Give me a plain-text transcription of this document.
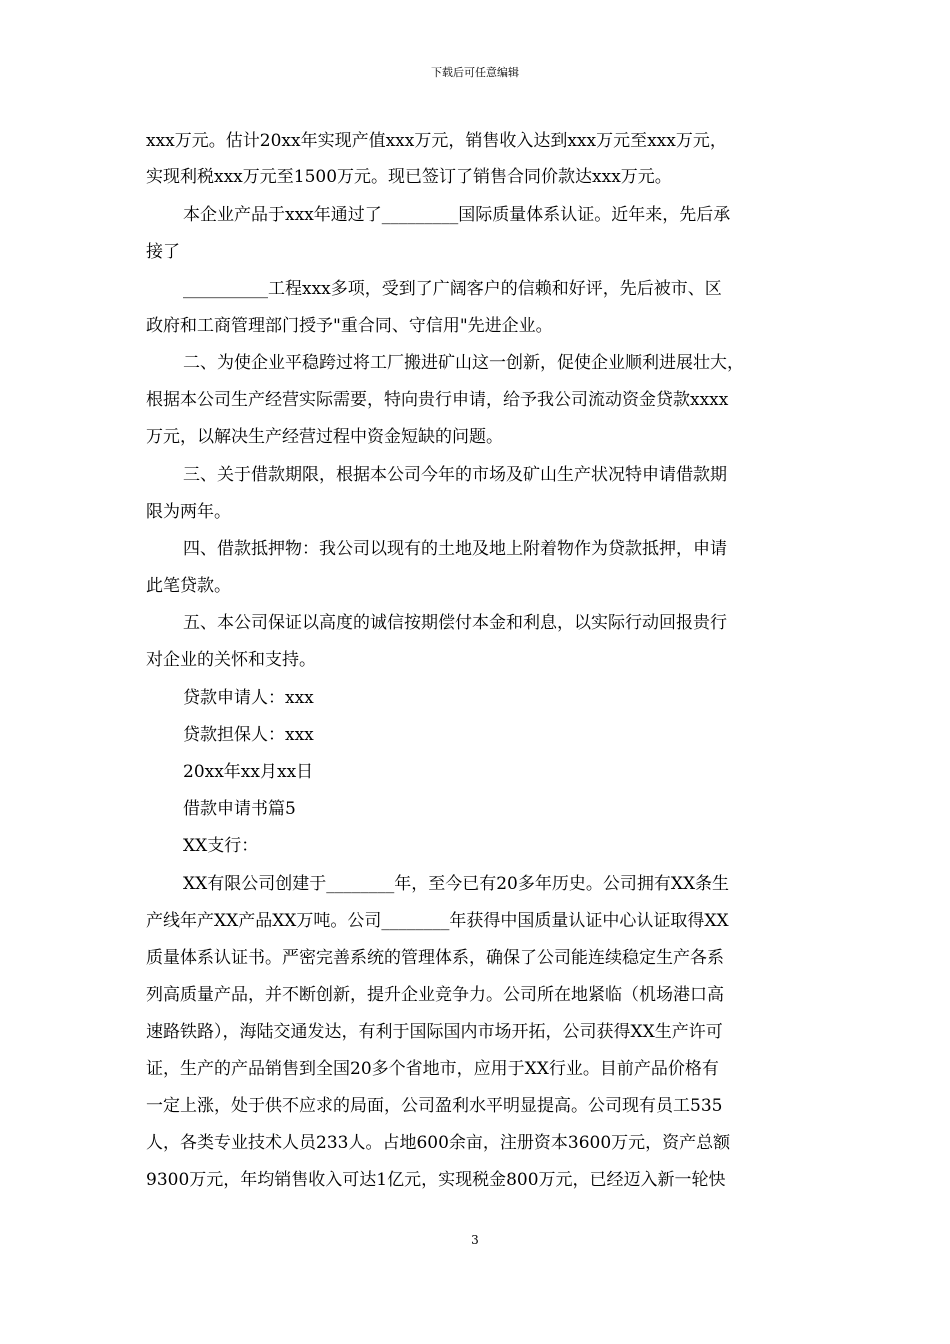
下载后可任意编辑
xxx万元。估计20xx年实现产值xxx万元，销售收入达到xxx万元至xxx万元，
实现利税xxx万元至1500万元。现已签订了销售合同价款达xxx万元。
本企业产品于xxx年通过了_________国际质量体系认证。近年来，先后承
接了
__________工程xxx多项，受到了广阔客户的信赖和好评，先后被市、区
政府和工商管理部门授予"重合同、守信用"先进企业。
二、为使企业平稳跨过将工厂搬进矿山这一创新，促使企业顺利进展壮大，
根据本公司生产经营实际需要，特向贵行申请，给予我公司流动资金贷款xxxx
万元，以解决生产经营过程中资金短缺的问题。
三、关于借款期限，根据本公司今年的市场及矿山生产状况特申请借款期
限为两年。
四、借款抵押物：我公司以现有的土地及地上附着物作为贷款抵押，申请
此笔贷款。
五、本公司保证以高度的诚信按期偿付本金和利息，以实际行动回报贵行
对企业的关怀和支持。
贷款申请人：xxx
贷款担保人：xxx
20xx年xx月xx日
借款申请书篇5
XX支行：
XX有限公司创建于________年，至今已有20多年历史。公司拥有XX条生
产线年产XX产品XX万吨。公司________年获得中国质量认证中心认证取得XX
质量体系认证书。严密完善系统的管理体系，确保了公司能连续稳定生产各系
列高质量产品，并不断创新，提升企业竞争力。公司所在地紧临（机场港口高
速路铁路），海陆交通发达，有利于国际国内市场开拓，公司获得XX生产许可
证，生产的产品销售到全国20多个省地市，应用于XX行业。目前产品价格有
一定上涨，处于供不应求的局面，公司盈利水平明显提高。公司现有员工535
人，各类专业技术人员233人。占地600余亩，注册资本3600万元，资产总额
9300万元，年均销售收入可达1亿元，实现税金800万元，已经迈入新一轮快
3
